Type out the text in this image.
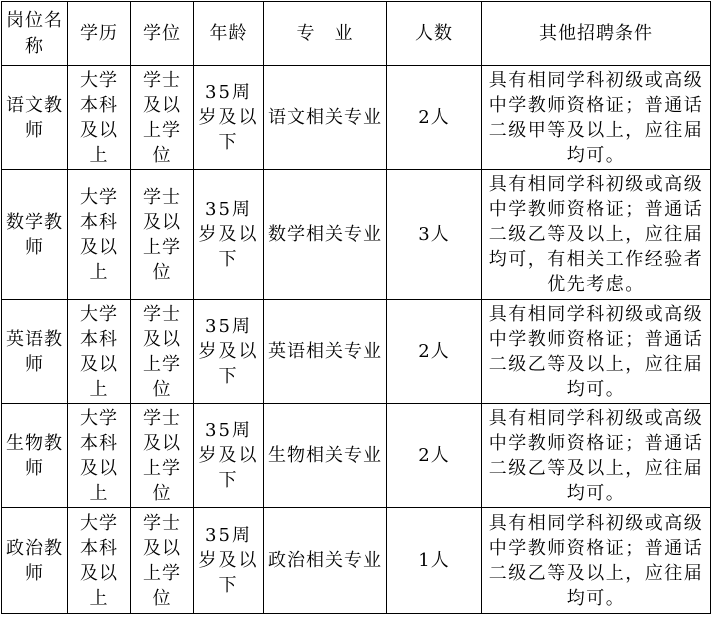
岗位名称	学历	学位	年龄	专　业	人数	其他招聘条件
语文教师	大学本科及以上	学士及以上学位	35周岁及以下	语文相关专业	2人	具有相同学科初级或高级中学教师资格证；普通话二级甲等及以上，应往届均可。
数学教师	大学本科及以上	学士及以上学位	35周岁及以下	数学相关专业	3人	具有相同学科初级或高级中学教师资格证；普通话二级乙等及以上，应往届均可，有相关工作经验者优先考虑。
英语教师	大学本科及以上	学士及以上学位	35周岁及以下	英语相关专业	2人	具有相同学科初级或高级中学教师资格证；普通话二级乙等及以上，应往届均可。
生物教师	大学本科及以上	学士及以上学位	35周岁及以下	生物相关专业	2人	具有相同学科初级或高级中学教师资格证；普通话二级乙等及以上，应往届均可。
政治教师	大学本科及以上	学士及以上学位	35周岁及以下	政治相关专业	1人	具有相同学科初级或高级中学教师资格证；普通话二级乙等及以上，应往届均可。
